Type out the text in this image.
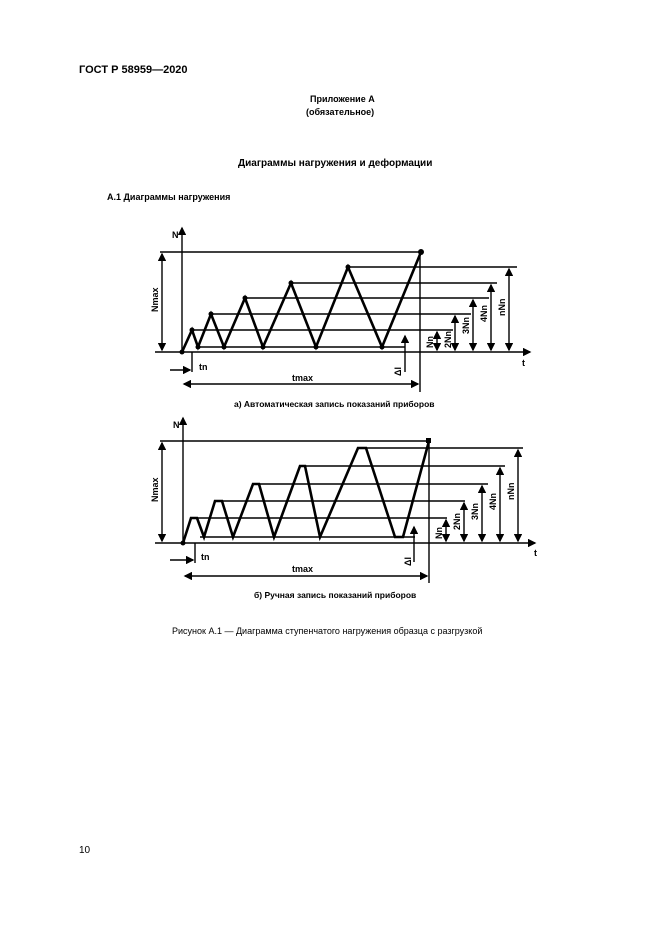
ГОСТ Р 58959—2020
Приложение А
(обязательное)
Диаграммы нагружения и деформации
А.1 Диаграммы нагружения
N
t
Nmax
tmax
tn	Δl
Nn 2Nn
3Nn
4Nn nNn
N
t
Nmax
tmax
tn	Δl
Nn
2Nn
3Nn
4Nn
nNn
а) Автоматическая запись показаний приборов
б) Ручная запись показаний приборов
Рисунок А.1 — Диаграмма ступенчатого нагружения образца с разгрузкой
10
